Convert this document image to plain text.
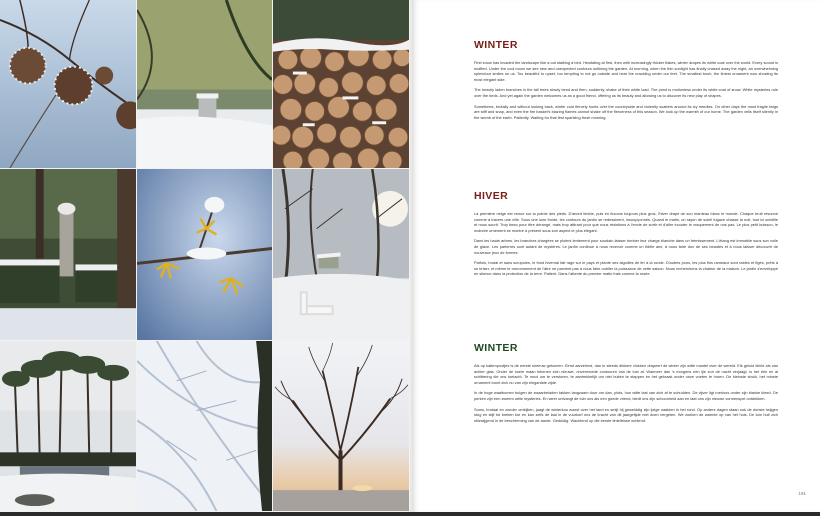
WINTER

First snow has invaded the landscape like a cat stalking a bird. Hesitating at first, then with increasingly thicker flakes, winter drapes its white coat over the world. Every sound is muffled. Under the cool moon we see new and unexpected contours outlining the garden. At morning, when the thin sunlight has finally chased away the night, an overwhelming splendour smiles on us. Too beautiful to upset, too tempting to not go outside and hear the crackling under our feet. The smallest bush, the tiniest ornament now showing its most elegant side.

The heavily laden branches in the tall trees slowly bend and then, suddenly, shake of their white load. The pond is motionless under its white coat of snow. White mysteries rule over the beds. And yet again the garden welcomes us as a good friend, offering us its beauty and allowing us to discover its new play of shapes.

Sometimes, brutally and without looking back, winter cold fiercely hunts over the countryside and violently scatters around its icy needles. On other days the most fragile twigs are stiff and snap, and even the fire basket's blazing flames cannot shake off the fierceness of this season. We look up the warmth of our home. The garden veils itself silently in the womb of the earth. Patiently. Waiting for that first sparkling fresh morning.

HIVER

La première neige est venue sur la pointe des pieds. D'abord timide, puis en flocons toujours plus gros, l'hiver drape de son manteau blanc le monde. Chaque bruit résonne comme à travers une ville. Sous une lune froide, les contours du jardin se redessinent, insoupçonnés. Quand le matin, un rayon de soleil fugace chasse la nuit, tout ici scintille et nous sourit. Trop beau pour être dérangé, mais trop attirant pour que nous résistions à l'envie de sortir et d'aller écouter le craquement de nos pas. Le plus petit buisson, le moindre ornement se montre à présent sous son aspect le plus élégant.

Dans les hauts arbres, les branches chargées se ploient lentement pour soudain laisser tomber leur charge blanche dans un frémissement. L'étang est immobile sous son voile de glace. Les parterres sont autant de mystères. Le jardin continue à nous recevoir comme un fidèle ami, à nous faire don de ses beautés et à nous laisser découvrir de nouveaux jeux de formes.

Parfois, brutal et sans scrupules, le froid hivernal fait rage sur le pays et plante ses aiguilles de fer à la ronde. D'autres jours, les plus fins rameaux sont raides et figés, prêts à se briser, et même le ronronnement de l'âtre ne parvient pas à nous faire oublier la puissance de cette saison. Nous recherchons la chaleur de la maison. Le jardin s'enveloppe en silence dans la protection de la terre. Patient. Dans l'attente du premier matin frais comme la rosée.

WINTER

Als op kattenpootjes is de eerste sneeuw gekomen. Eerst aarzelend, dan in steeds dikkere vlokken drapeert de winter zijn witte mantel over de wereld. Elk geluid klinkt als van achter glas. Onder de koele maan tekenen zich nieuwe, onvermoede contouren van de tuin af. Wanneer dan 's morgens een ijle zon de nacht verjaagt, is het één en al schittering die ons toelacht. Te mooi om te verstoren, te aantrekkelijk om niet buiten te stappen en het gekraak onder onze voeten te horen. De kleinste struik, het minste ornament toont zich nu van zijn elegantste zijde.

In de hoge waaibomen buigen de zwaarbeladen takken langzaam door om dan, plots, hun witte last van zich af te schudden. De vijver ligt roerloos onder zijn blanke kleed. De perken zijn een zweem witte mysteries. En weer ontvangt de tuin ons als een goede vriend, biedt ons zijn schoonheid aan en laat ons zijn nieuwe vormenspel ontdekken.

Soms, brutaal en zonder omkijken, jaagt de winterkou woest over het land en smijt hij gewelddig zijn ijzige naalden in het rond. Op andere dagen staan ook de dunste twijgen stug en stijf tot breken toe en kan zelfs de laai in de vuurkorf ons de kracht van dit jaargetijde niet doen vergeten. We zoeken de warmte op van het huis. De tuin hult zich stilzwijgend in de bescherming van de aarde. Geduldig. Wachtend op die eerste tintelfrisse ochtend.

191
